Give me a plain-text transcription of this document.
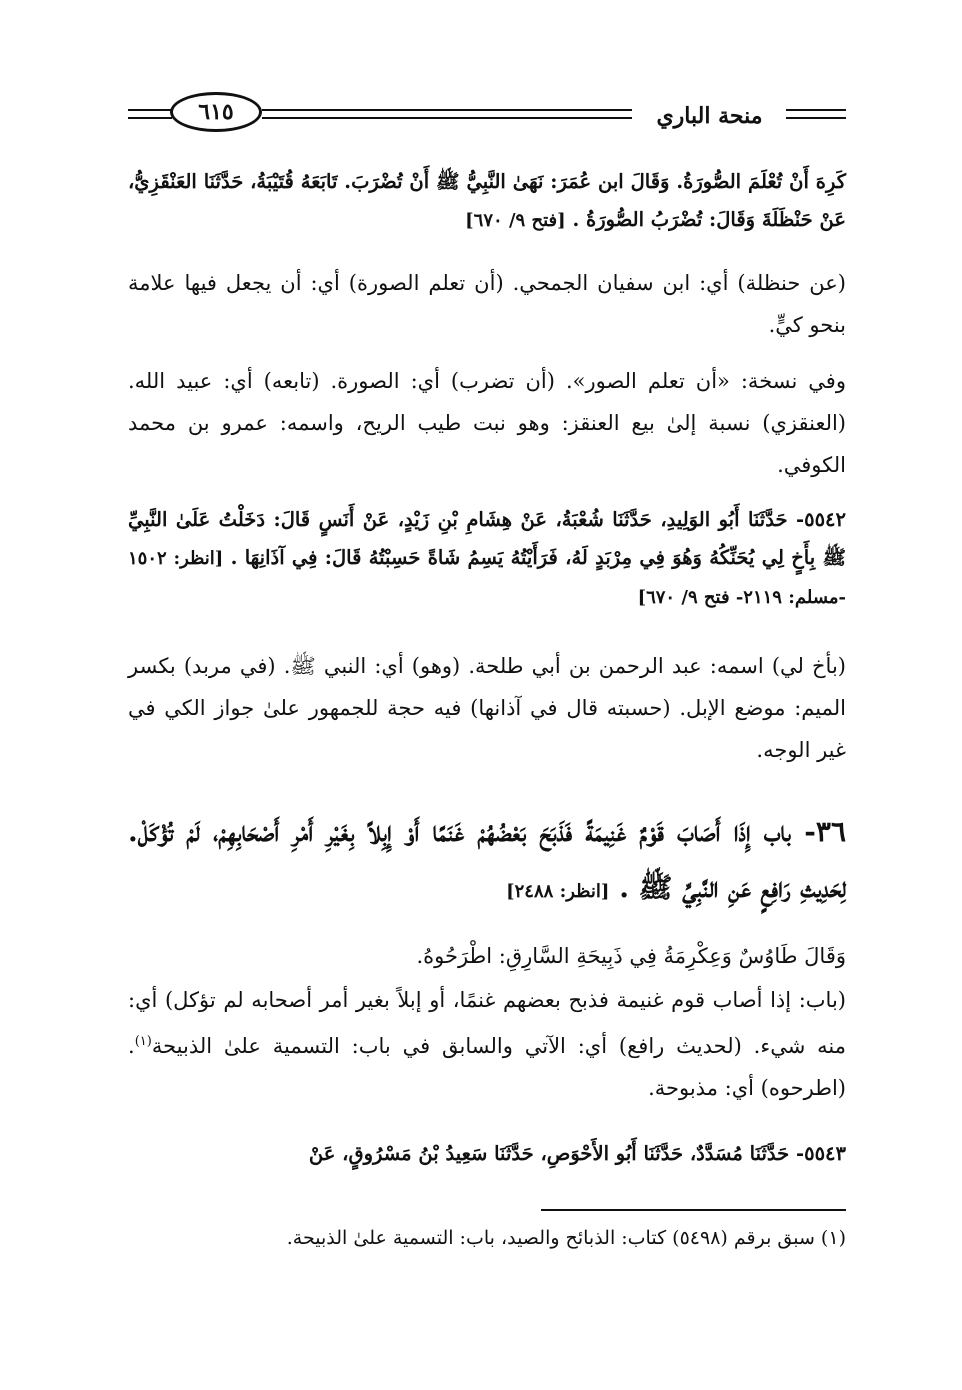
منحة الباري
٦١٥
كَرِهَ أَنْ تُعْلَمَ الصُّورَةُ. وَقَالَ ابن عُمَرَ: نَهَىٰ النَّبِيُّ ﷺ أَنْ تُضْرَبَ. تَابَعَهُ قُتَيْبَةُ، حَدَّثَنَا العَنْقَزِيُّ، عَنْ حَنْظَلَةَ وَقَالَ: تُضْرَبُ الصُّورَةُ . [فتح ٩/ ٦٧٠]
(عن حنظلة) أي: ابن سفيان الجمحي. (أن تعلم الصورة) أي: أن يجعل فيها علامة بنحو كيٍّ.
وفي نسخة: «أن تعلم الصور». (أن تضرب) أي: الصورة. (تابعه) أي: عبيد الله. (العنقزي) نسبة إلىٰ بيع العنقز: وهو نبت طيب الريح، واسمه: عمرو بن محمد الكوفي.
٥٥٤٢- حَدَّثَنَا أَبُو الوَلِيدِ، حَدَّثَنَا شُعْبَةُ، عَنْ هِشَامِ بْنِ زَيْدٍ، عَنْ أَنَسٍ قَالَ: دَخَلْتُ عَلَىٰ النَّبِيِّ ﷺ بِأَخٍ لِي يُحَنِّكُهُ وَهُوَ فِي مِرْبَدٍ لَهُ، فَرَأَيْتُهُ يَسِمُ شَاةً حَسِبْتُهُ قَالَ: فِي آذَانِهَا . [انظر: ١٥٠٢ -مسلم: ٢١١٩- فتح ٩/ ٦٧٠]
(بأخ لي) اسمه: عبد الرحمن بن أبي طلحة. (وهو) أي: النبي ﷺ. (في مربد) بكسر الميم: موضع الإبل. (حسبته قال في آذانها) فيه حجة للجمهور علىٰ جواز الكي في غير الوجه.
٣٦- باب إِذَا أَصَابَ قَوْمٌ غَنِيمَةً فَذَبَحَ بَعْضُهُمْ غَنَمًا أَوْ إِبِلاً بِغَيْرِ أَمْرِ أَصْحَابِهِمْ، لَمْ تُؤْكَلْ. لِحَدِيثِ رَافِعٍ عَنِ النَّبِيِّ ﷺ . [انظر: ٢٤٨٨]
وَقَالَ طَاوُسٌ وَعِكْرِمَةُ فِي ذَبِيحَةِ السَّارِقِ: اطْرَحُوهُ.
(باب: إذا أصاب قوم غنيمة فذبح بعضهم غنمًا، أو إبلاً بغير أمر أصحابه لم تؤكل) أي: منه شيء. (لحديث رافع) أي: الآتي والسابق في باب: التسمية علىٰ الذبيحة$^{(١)}$. (اطرحوه) أي: مذبوحة.
٥٥٤٣- حَدَّثَنَا مُسَدَّدٌ، حَدَّثَنَا أَبُو الأَحْوَصِ، حَدَّثَنَا سَعِيدُ بْنُ مَسْرُوقٍ، عَنْ
(١) سبق برقم (٥٤٩٨) كتاب: الذبائح والصيد، باب: التسمية علىٰ الذبيحة.
